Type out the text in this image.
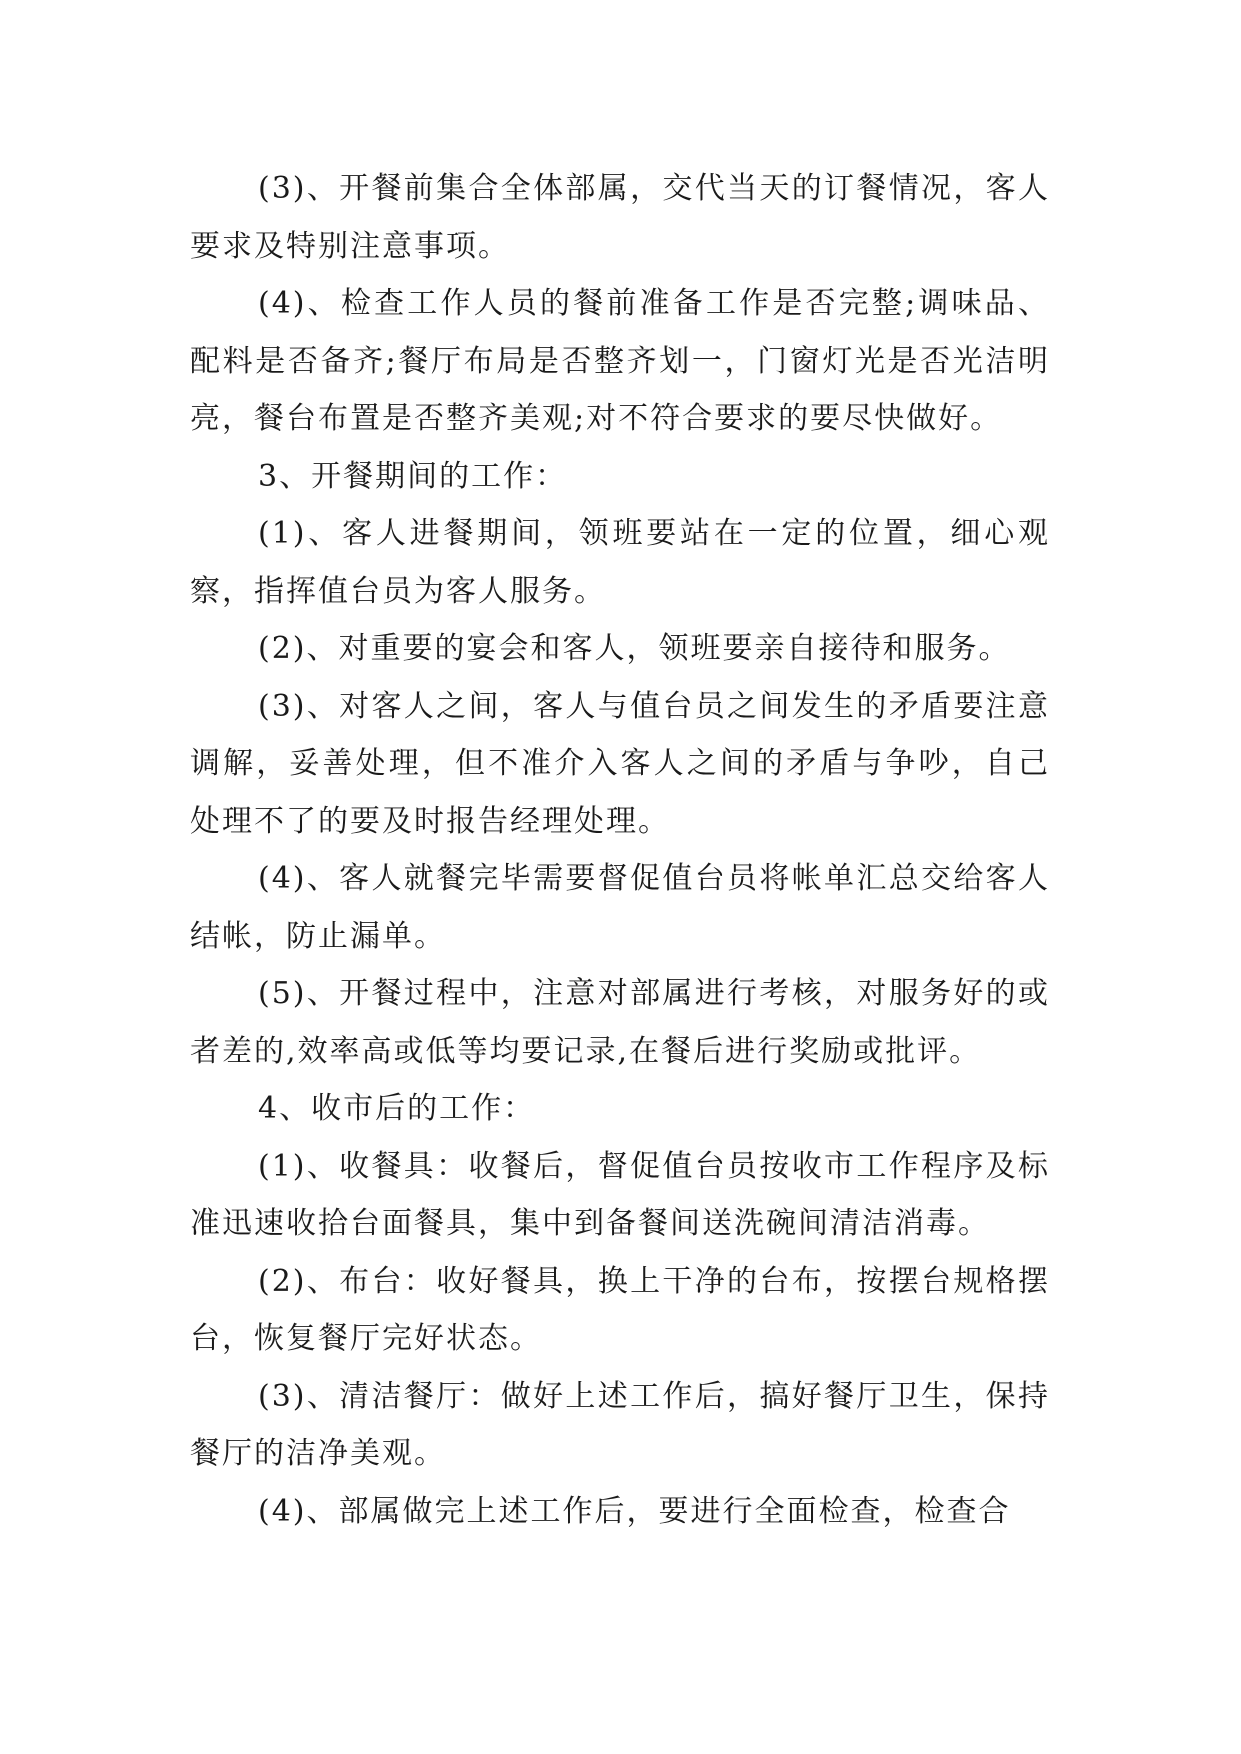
(3)、开餐前集合全体部属，交代当天的订餐情况，客人要求及特别注意事项。

(4)、检查工作人员的餐前准备工作是否完整;调味品、配料是否备齐;餐厅布局是否整齐划一，门窗灯光是否光洁明亮，餐台布置是否整齐美观;对不符合要求的要尽快做好。

3、开餐期间的工作：

(1)、客人进餐期间，领班要站在一定的位置，细心观察，指挥值台员为客人服务。

(2)、对重要的宴会和客人，领班要亲自接待和服务。

(3)、对客人之间，客人与值台员之间发生的矛盾要注意调解，妥善处理，但不准介入客人之间的矛盾与争吵，自己处理不了的要及时报告经理处理。

(4)、客人就餐完毕需要督促值台员将帐单汇总交给客人结帐，防止漏单。

(5)、开餐过程中，注意对部属进行考核，对服务好的或者差的,效率高或低等均要记录,在餐后进行奖励或批评。

4、收市后的工作：

(1)、收餐具：收餐后，督促值台员按收市工作程序及标准迅速收拾台面餐具，集中到备餐间送洗碗间清洁消毒。

(2)、布台：收好餐具，换上干净的台布，按摆台规格摆台，恢复餐厅完好状态。

(3)、清洁餐厅：做好上述工作后，搞好餐厅卫生，保持餐厅的洁净美观。

(4)、部属做完上述工作后，要进行全面检查，检查合
